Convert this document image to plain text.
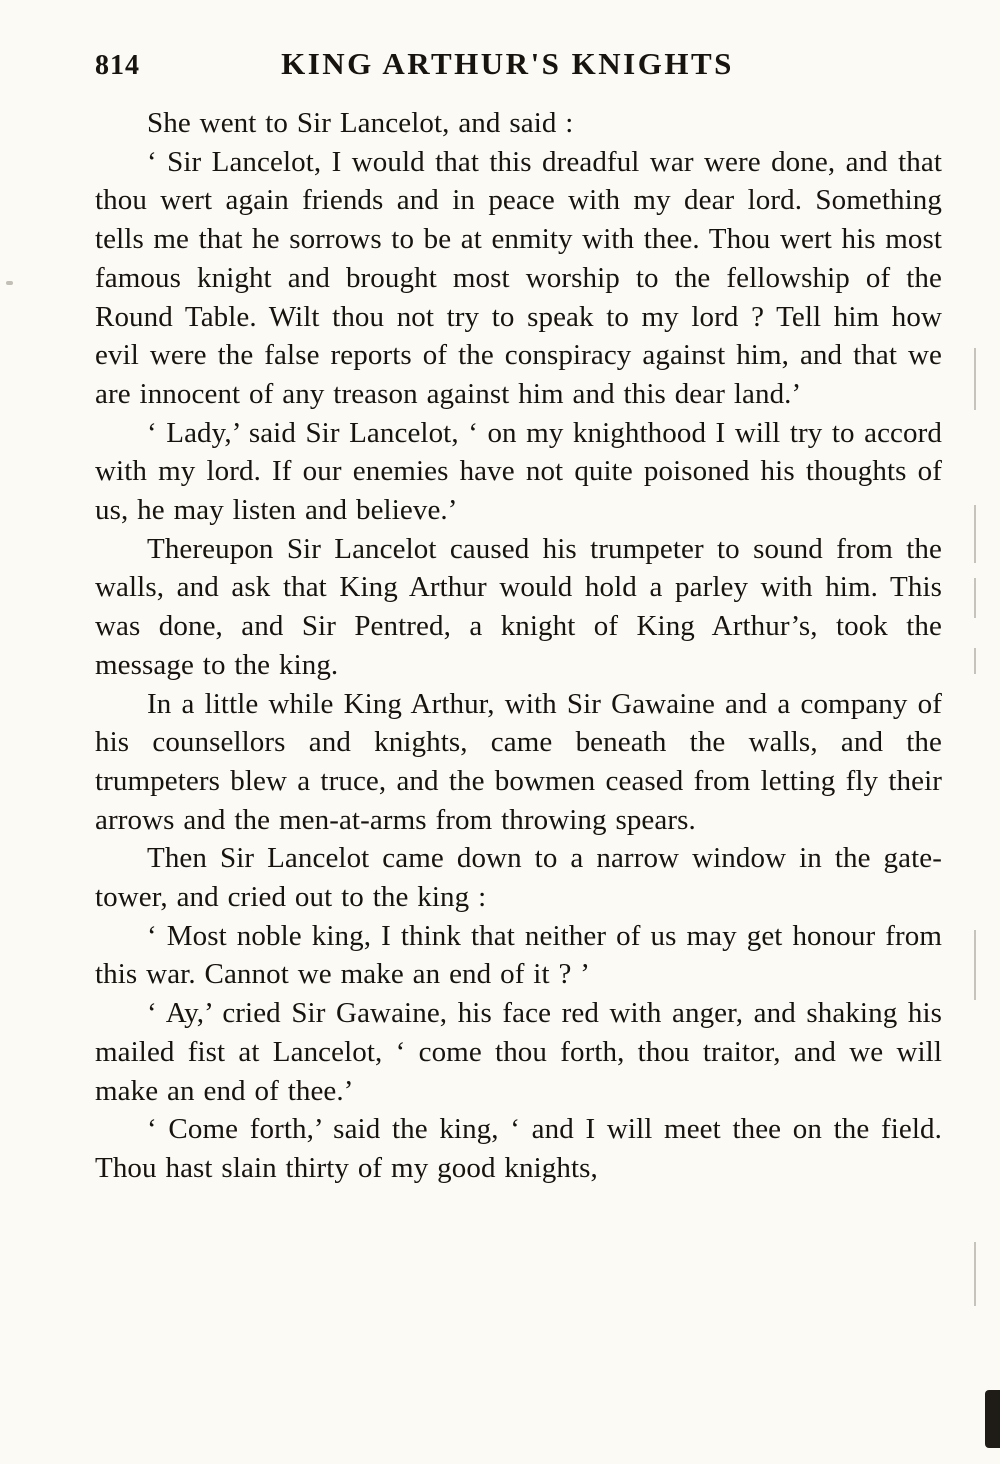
814	KING ARTHUR'S KNIGHTS

She went to Sir Lancelot, and said :

‘ Sir Lancelot, I would that this dreadful war were done, and that thou wert again friends and in peace with my dear lord. Something tells me that he sorrows to be at enmity with thee. Thou wert his most famous knight and brought most worship to the fellowship of the Round Table. Wilt thou not try to speak to my lord ? Tell him how evil were the false reports of the conspiracy against him, and that we are innocent of any treason against him and this dear land.’

‘ Lady,’ said Sir Lancelot, ‘ on my knighthood I will try to accord with my lord. If our enemies have not quite poisoned his thoughts of us, he may listen and believe.’

Thereupon Sir Lancelot caused his trumpeter to sound from the walls, and ask that King Arthur would hold a parley with him. This was done, and Sir Pentred, a knight of King Arthur’s, took the message to the king.

In a little while King Arthur, with Sir Gawaine and a company of his counsellors and knights, came beneath the walls, and the trumpeters blew a truce, and the bowmen ceased from letting fly their arrows and the men-at-arms from throwing spears.

Then Sir Lancelot came down to a narrow window in the gate-tower, and cried out to the king :

‘ Most noble king, I think that neither of us may get honour from this war. Cannot we make an end of it ? ’

‘ Ay,’ cried Sir Gawaine, his face red with anger, and shaking his mailed fist at Lancelot, ‘ come thou forth, thou traitor, and we will make an end of thee.’

‘ Come forth,’ said the king, ‘ and I will meet thee on the field. Thou hast slain thirty of my good knights,
